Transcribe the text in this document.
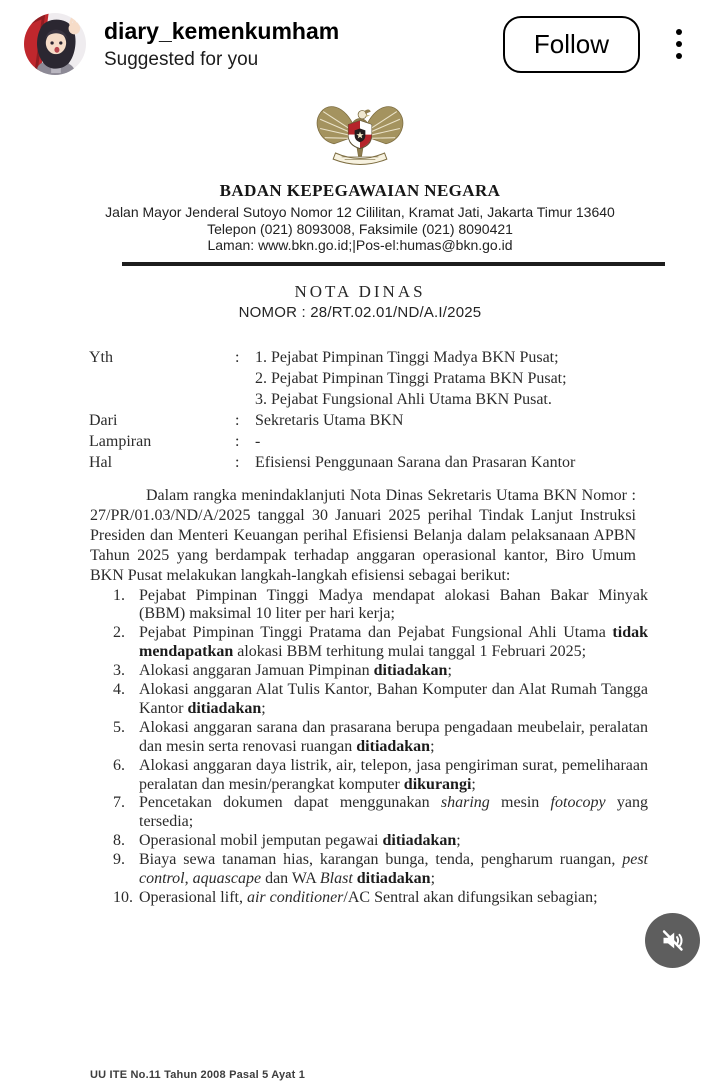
diary_kemenkumham
Suggested for you
Follow
BADAN KEPEGAWAIAN NEGARA
Jalan Mayor Jenderal Sutoyo Nomor 12 Cililitan, Kramat Jati, Jakarta Timur 13640
Telepon (021) 8093008, Faksimile (021) 8090421
Laman: www.bkn.go.id;|Pos-el:humas@bkn.go.id
NOTA DINAS
NOMOR : 28/RT.02.01/ND/A.I/2025
Yth	: 1. Pejabat Pimpinan Tinggi Madya BKN Pusat;
2. Pejabat Pimpinan Tinggi Pratama BKN Pusat;
3. Pejabat Fungsional Ahli Utama BKN Pusat.
Dari	: Sekretaris Utama BKN
Lampiran	: -
Hal	: Efisiensi Penggunaan Sarana dan Prasaran Kantor

Dalam rangka menindaklanjuti Nota Dinas Sekretaris Utama BKN Nomor : 27/PR/01.03/ND/A/2025 tanggal 30 Januari 2025 perihal Tindak Lanjut Instruksi Presiden dan Menteri Keuangan perihal Efisiensi Belanja dalam pelaksanaan APBN Tahun 2025 yang berdampak terhadap anggaran operasional kantor, Biro Umum BKN Pusat melakukan langkah-langkah efisiensi sebagai berikut:

1. Pejabat Pimpinan Tinggi Madya mendapat alokasi Bahan Bakar Minyak (BBM) maksimal 10 liter per hari kerja;
2. Pejabat Pimpinan Tinggi Pratama dan Pejabat Fungsional Ahli Utama tidak mendapatkan alokasi BBM terhitung mulai tanggal 1 Februari 2025;
3. Alokasi anggaran Jamuan Pimpinan ditiadakan;
4. Alokasi anggaran Alat Tulis Kantor, Bahan Komputer dan Alat Rumah Tangga Kantor ditiadakan;
5. Alokasi anggaran sarana dan prasarana berupa pengadaan meubelair, peralatan dan mesin serta renovasi ruangan ditiadakan;
6. Alokasi anggaran daya listrik, air, telepon, jasa pengiriman surat, pemeliharaan peralatan dan mesin/perangkat komputer dikurangi;
7. Pencetakan dokumen dapat menggunakan sharing mesin fotocopy yang tersedia;
8. Operasional mobil jemputan pegawai ditiadakan;
9. Biaya sewa tanaman hias, karangan bunga, tenda, pengharum ruangan, pest control, aquascape dan WA Blast ditiadakan;
10. Operasional lift, air conditioner/AC Sentral akan difungsikan sebagian;
UU ITE No.11 Tahun 2008 Pasal 5 Ayat 1
